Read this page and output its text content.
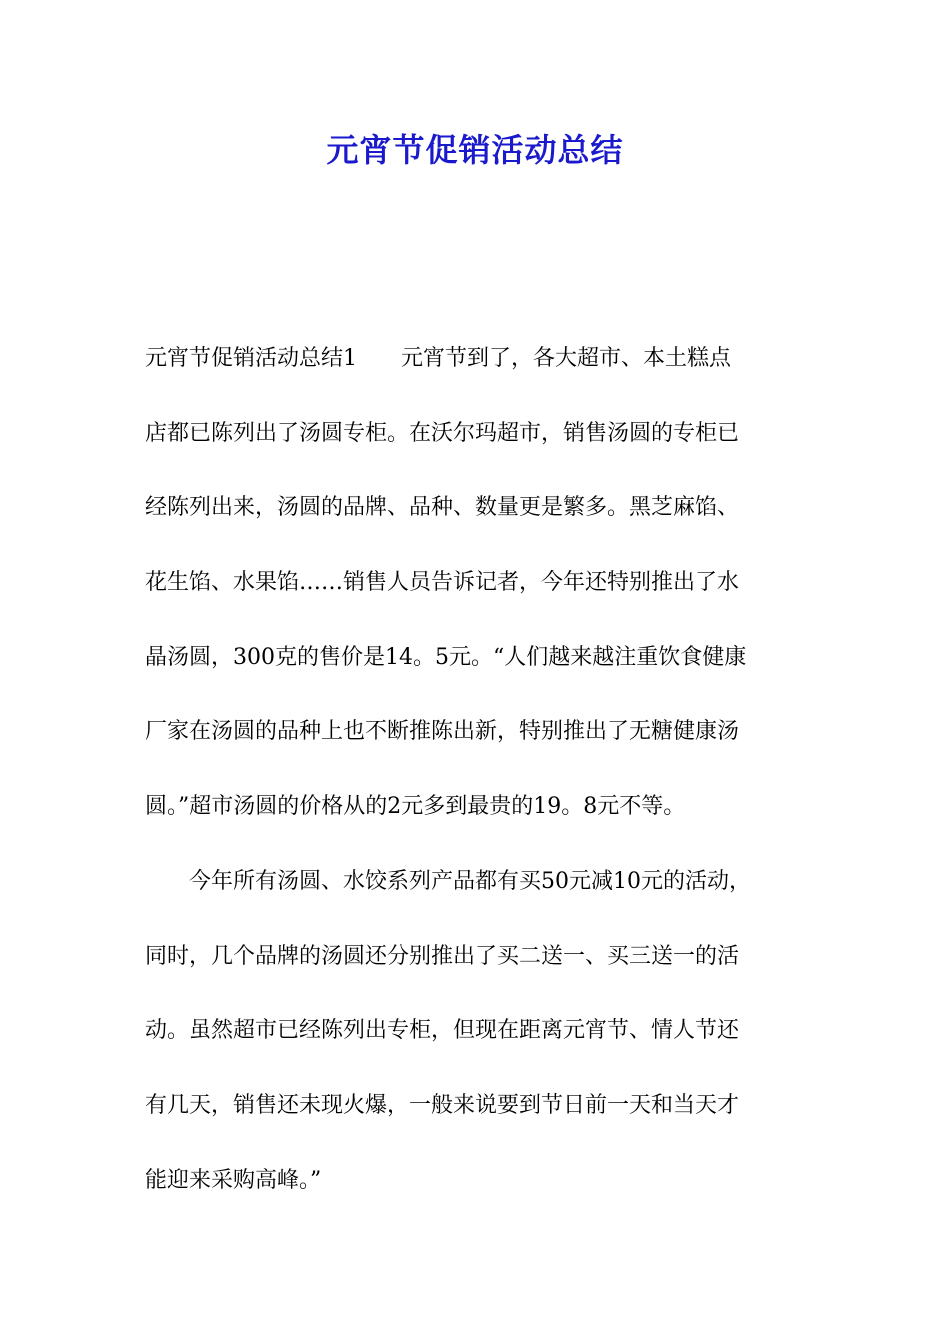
元宵节促销活动总结
元宵节促销活动总结1　　元宵节到了，各大超市、本土糕点
店都已陈列出了汤圆专柜。在沃尔玛超市，销售汤圆的专柜已
经陈列出来，汤圆的品牌、品种、数量更是繁多。黑芝麻馅、
花生馅、水果馅……销售人员告诉记者，今年还特别推出了水
晶汤圆，300克的售价是14。5元。“人们越来越注重饮食健康
厂家在汤圆的品种上也不断推陈出新，特别推出了无糖健康汤
圆。”超市汤圆的价格从的2元多到最贵的19。8元不等。
　　今年所有汤圆、水饺系列产品都有买50元减10元的活动，
同时，几个品牌的汤圆还分别推出了买二送一、买三送一的活
动。虽然超市已经陈列出专柜，但现在距离元宵节、情人节还
有几天，销售还未现火爆，一般来说要到节日前一天和当天才
能迎来采购高峰。”
